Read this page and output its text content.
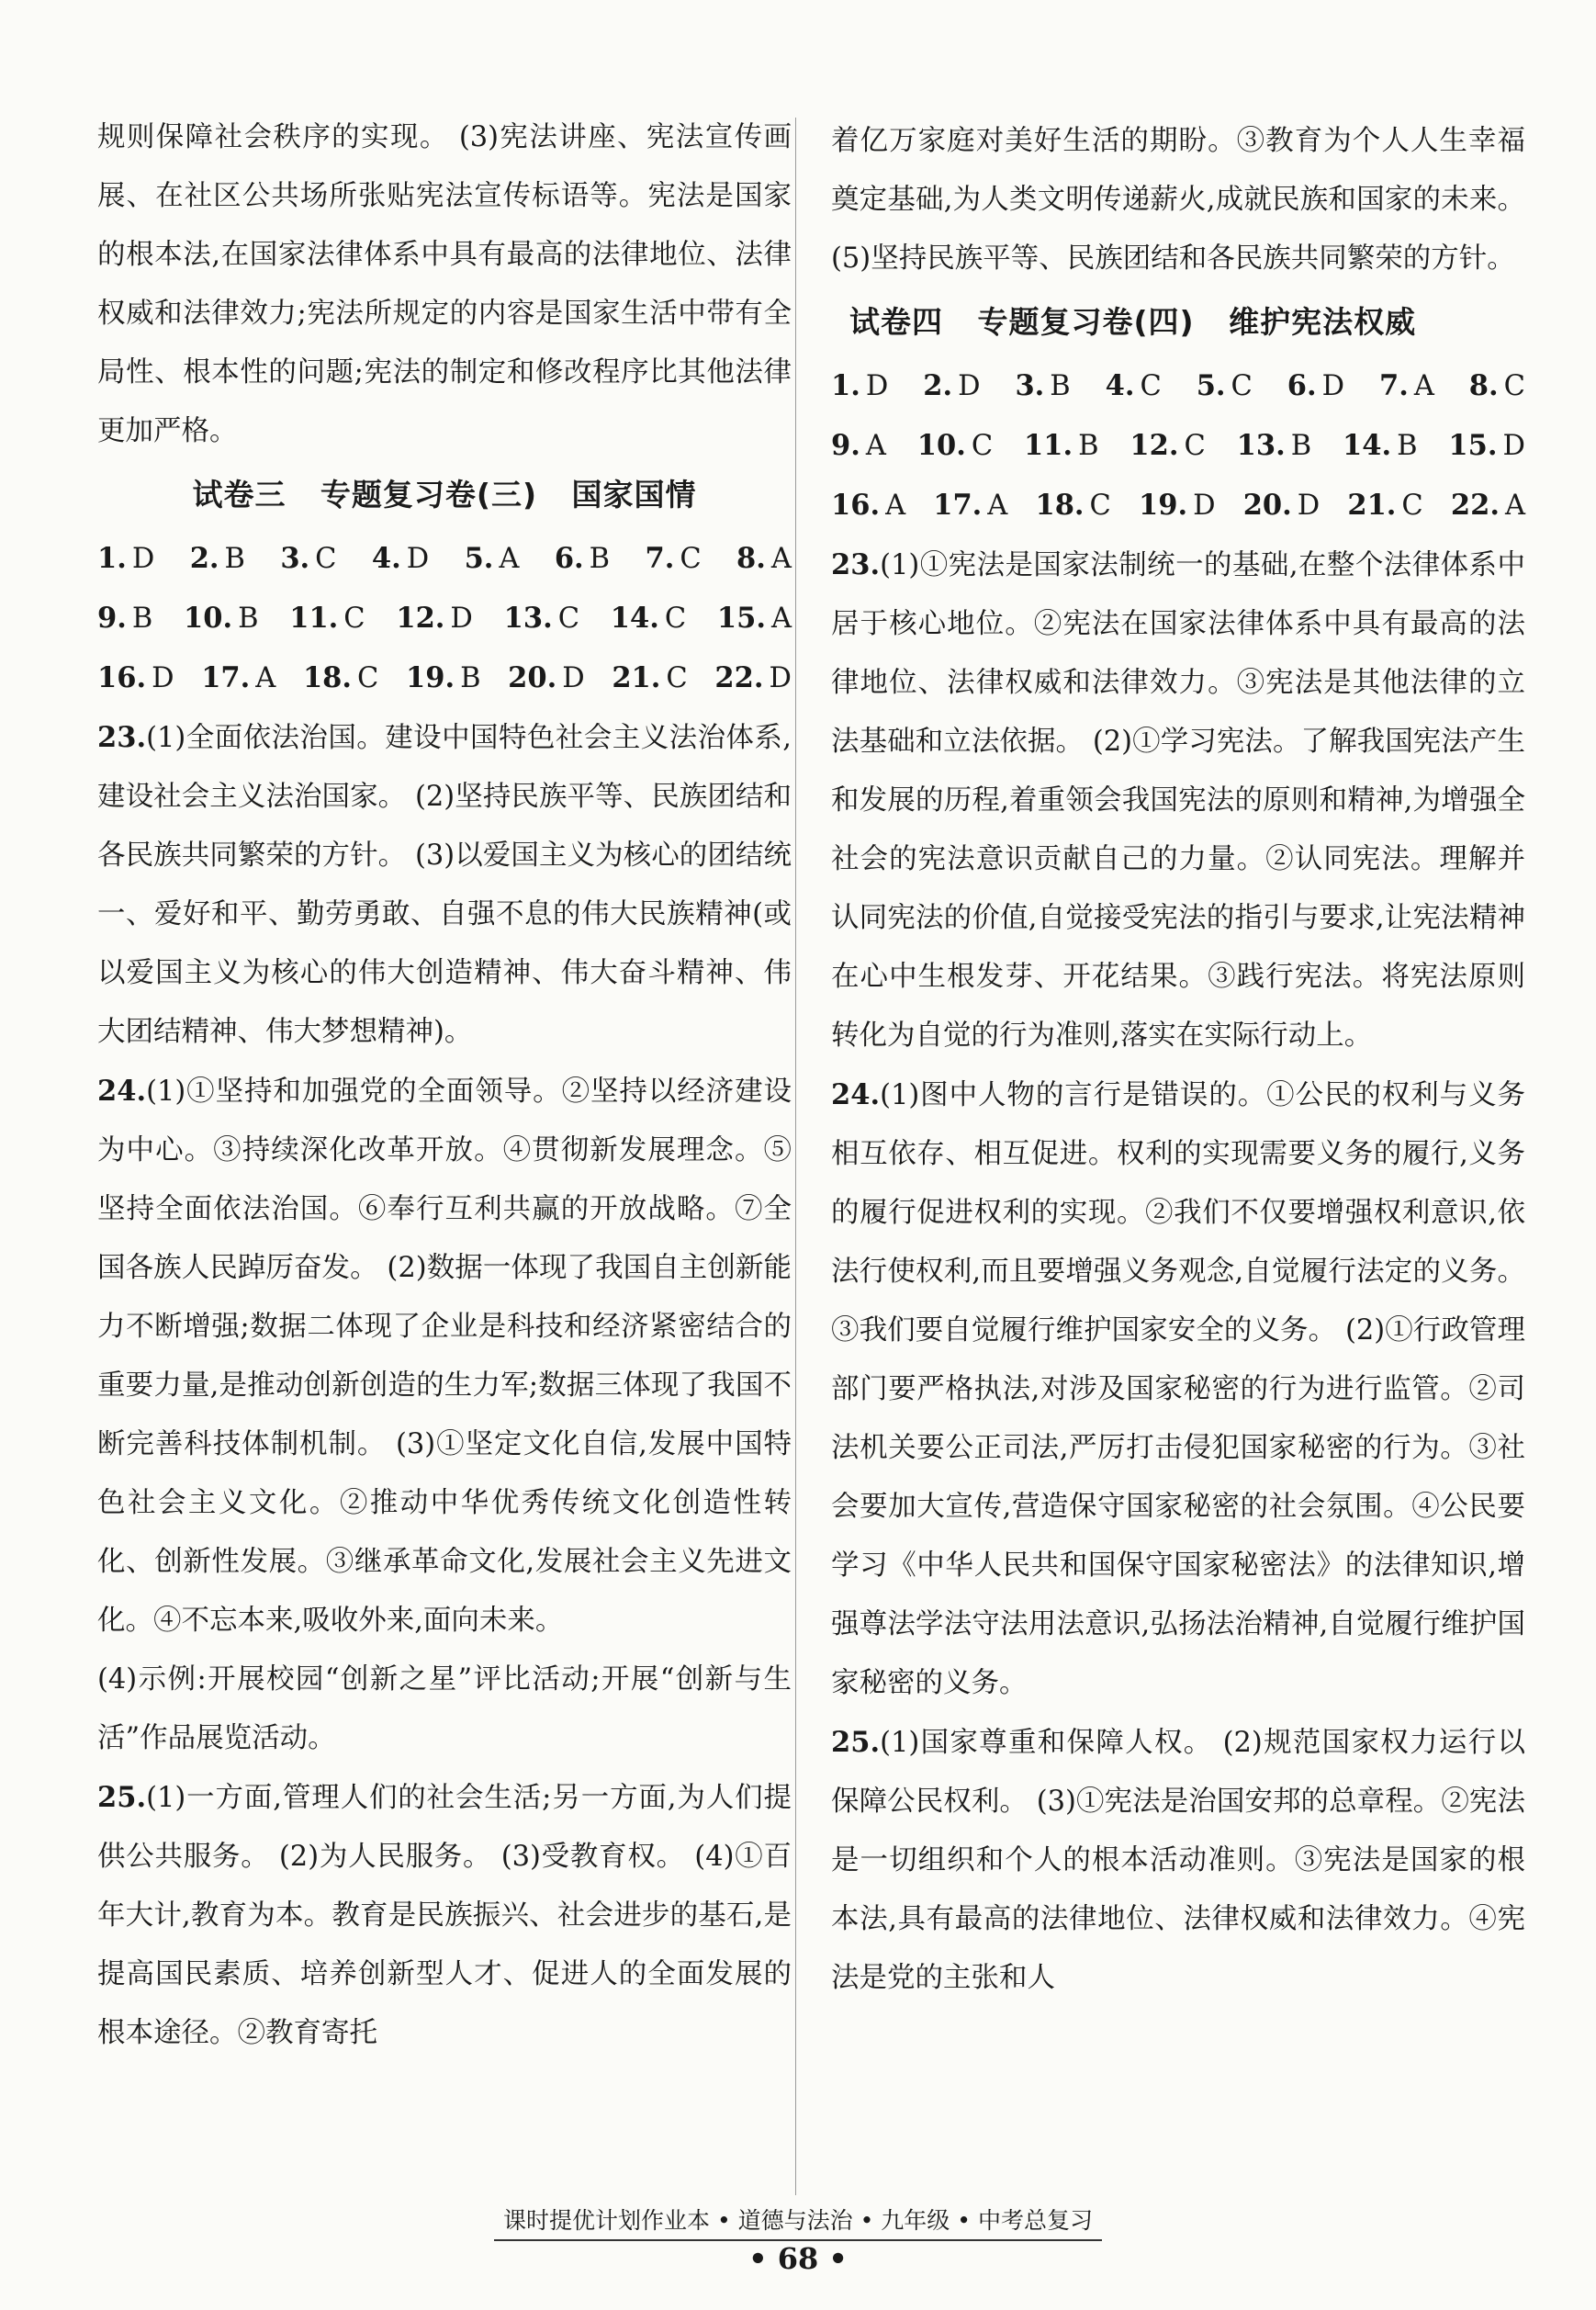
规则保障社会秩序的实现。 (3)宪法讲座、宪法宣传画展、在社区公共场所张贴宪法宣传标语等。宪法是国家的根本法,在国家法律体系中具有最高的法律地位、法律权威和法律效力;宪法所规定的内容是国家生活中带有全局性、根本性的问题;宪法的制定和修改程序比其他法律更加严格。

试卷三   专题复习卷(三)   国家国情
1. D 2. B 3. C 4. D 5. A 6. B 7. C 8. A
9. B 10. B 11. C 12. D 13. C 14. C 15. A
16. D 17. A 18. C 19. B 20. D 21. C 22. D

23.(1)全面依法治国。建设中国特色社会主义法治体系,建设社会主义法治国家。 (2)坚持民族平等、民族团结和各民族共同繁荣的方针。 (3)以爱国主义为核心的团结统一、爱好和平、勤劳勇敢、自强不息的伟大民族精神(或以爱国主义为核心的伟大创造精神、伟大奋斗精神、伟大团结精神、伟大梦想精神)。

24.(1)①坚持和加强党的全面领导。②坚持以经济建设为中心。③持续深化改革开放。④贯彻新发展理念。⑤坚持全面依法治国。⑥奉行互利共赢的开放战略。⑦全国各族人民踔厉奋发。 (2)数据一体现了我国自主创新能力不断增强;数据二体现了企业是科技和经济紧密结合的重要力量,是推动创新创造的生力军;数据三体现了我国不断完善科技体制机制。 (3)①坚定文化自信,发展中国特色社会主义文化。②推动中华优秀传统文化创造性转化、创新性发展。③继承革命文化,发展社会主义先进文化。④不忘本来,吸收外来,面向未来。

(4)示例:开展校园“创新之星”评比活动;开展“创新与生活”作品展览活动。

25.(1)一方面,管理人们的社会生活;另一方面,为人们提供公共服务。 (2)为人民服务。 (3)受教育权。 (4)①百年大计,教育为本。教育是民族振兴、社会进步的基石,是提高国民素质、培养创新型人才、促进人的全面发展的根本途径。②教育寄托

着亿万家庭对美好生活的期盼。③教育为个人人生幸福奠定基础,为人类文明传递薪火,成就民族和国家的未来。 (5)坚持民族平等、民族团结和各民族共同繁荣的方针。

试卷四   专题复习卷(四)   维护宪法权威
1. D 2. D 3. B 4. C 5. C 6. D 7. A 8. C
9. A 10. C 11. B 12. C 13. B 14. B 15. D
16. A 17. A 18. C 19. D 20. D 21. C 22. A

23.(1)①宪法是国家法制统一的基础,在整个法律体系中居于核心地位。②宪法在国家法律体系中具有最高的法律地位、法律权威和法律效力。③宪法是其他法律的立法基础和立法依据。 (2)①学习宪法。了解我国宪法产生和发展的历程,着重领会我国宪法的原则和精神,为增强全社会的宪法意识贡献自己的力量。②认同宪法。理解并认同宪法的价值,自觉接受宪法的指引与要求,让宪法精神在心中生根发芽、开花结果。③践行宪法。将宪法原则转化为自觉的行为准则,落实在实际行动上。

24.(1)图中人物的言行是错误的。①公民的权利与义务相互依存、相互促进。权利的实现需要义务的履行,义务的履行促进权利的实现。②我们不仅要增强权利意识,依法行使权利,而且要增强义务观念,自觉履行法定的义务。③我们要自觉履行维护国家安全的义务。 (2)①行政管理部门要严格执法,对涉及国家秘密的行为进行监管。②司法机关要公正司法,严厉打击侵犯国家秘密的行为。③社会要加大宣传,营造保守国家秘密的社会氛围。④公民要学习《中华人民共和国保守国家秘密法》的法律知识,增强尊法学法守法用法意识,弘扬法治精神,自觉履行维护国家秘密的义务。

25.(1)国家尊重和保障人权。 (2)规范国家权力运行以保障公民权利。 (3)①宪法是治国安邦的总章程。②宪法是一切组织和个人的根本活动准则。③宪法是国家的根本法,具有最高的法律地位、法律权威和法律效力。④宪法是党的主张和人

课时提优计划作业本 • 道德与法治 • 九年级 • 中考总复习
• 68 •
